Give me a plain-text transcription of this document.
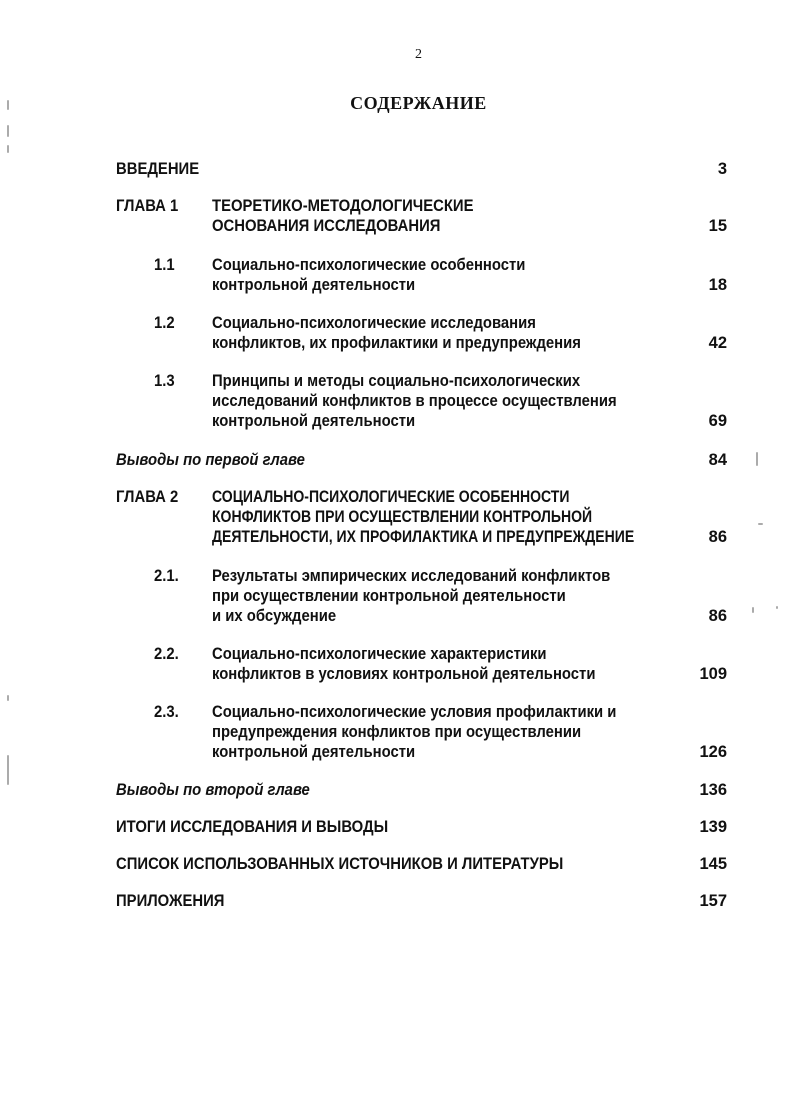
2
СОДЕРЖАНИЕ
ВВЕДЕНИЕ	3
ГЛАВА 1 ТЕОРЕТИКО-МЕТОДОЛОГИЧЕСКИЕ
ОСНОВАНИЯ ИССЛЕДОВАНИЯ	15
1.1 Социально-психологические особенности
контрольной деятельности	18
1.2 Социально-психологические исследования
конфликтов, их профилактики и предупреждения	42
1.3 Принципы и методы социально-психологических
исследований конфликтов в процессе осуществления
контрольной деятельности	69
Выводы по первой главе	84
ГЛАВА 2 СОЦИАЛЬНО-ПСИХОЛОГИЧЕСКИЕ ОСОБЕННОСТИ
КОНФЛИКТОВ ПРИ ОСУЩЕСТВЛЕНИИ КОНТРОЛЬНОЙ
ДЕЯТЕЛЬНОСТИ, ИХ ПРОФИЛАКТИКА И ПРЕДУПРЕЖДЕНИЕ	86
2.1. Результаты эмпирических исследований конфликтов
при осуществлении контрольной деятельности
и их обсуждение	86
2.2. Социально-психологические характеристики
конфликтов в условиях контрольной деятельности	109
2.3. Социально-психологические условия профилактики и
предупреждения конфликтов при осуществлении
контрольной деятельности	126
Выводы по второй главе	136
ИТОГИ ИССЛЕДОВАНИЯ И ВЫВОДЫ	139
СПИСОК ИСПОЛЬЗОВАННЫХ ИСТОЧНИКОВ И ЛИТЕРАТУРЫ	145
ПРИЛОЖЕНИЯ	157
